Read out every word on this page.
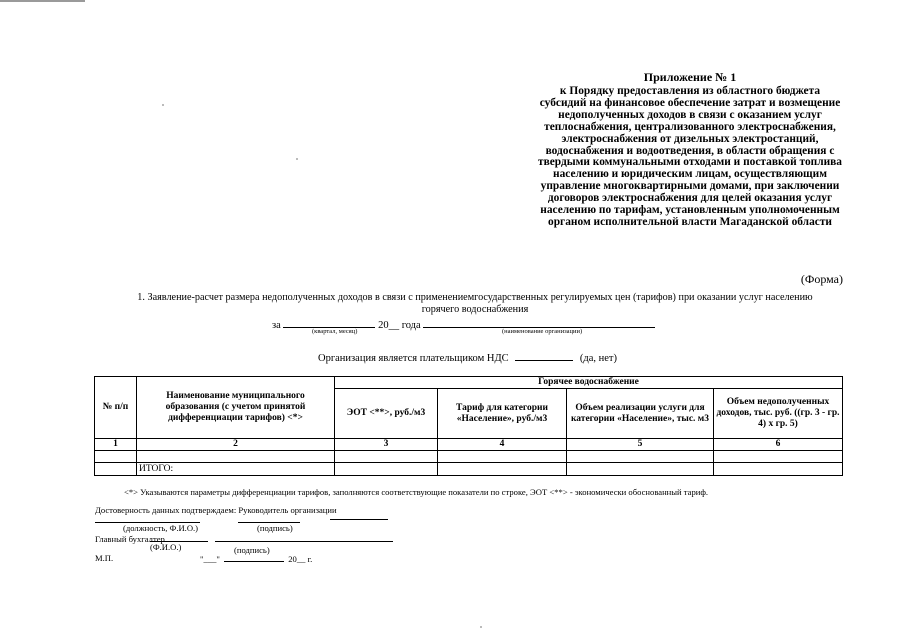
Приложение № 1
к Порядку предоставления из областного бюджета субсидий на финансовое обеспечение затрат и возмещение недополученных доходов в связи с оказанием услуг теплоснабжения, централизованного электроснабжения, электроснабжения от дизельных электростанций, водоснабжения и водоотведения, в области обращения с твердыми коммунальными отходами и поставкой топлива населению и юридическим лицам, осуществляющим управление многоквартирными домами, при заключении договоров электроснабжения для целей оказания услуг населению по тарифам, установленным уполномоченным органом исполнительной власти Магаданской области
(Форма)
1. Заявление-расчет размера недополученных доходов в связи с применениемгосударственных регулируемых цен (тарифов) при оказании услуг населению
горячего водоснабжения
за	20__ года
(квартал, месяц)	(наименование организации)
Организация является плательщиком НДС	(да, нет)
№ п/п	Наименование муниципального образования (с учетом принятой дифференциации тарифов) <*>	Горячее водоснабжение			
		ЭОТ <**>, руб./м3	Тариф для категории «Население», руб./м3	Объем реализации услуги для категории «Население», тыс. м3	Объем недополученных доходов, тыс. руб. ((гр. 3 - гр. 4) x гр. 5)
1	2	3	4	5	6

	ИТОГО:				
<*> Указываются параметры дифференциации тарифов, заполняются соответствующие показатели по строке, ЭОТ <**> - экономически обоснованный тариф.
Достоверность данных подтверждаем: Руководитель организации
(должность, Ф.И.О.)	(подпись)
Главный бухгалтер
(Ф.И.О.)	(подпись)
М.П.	"___"	20__ г.
